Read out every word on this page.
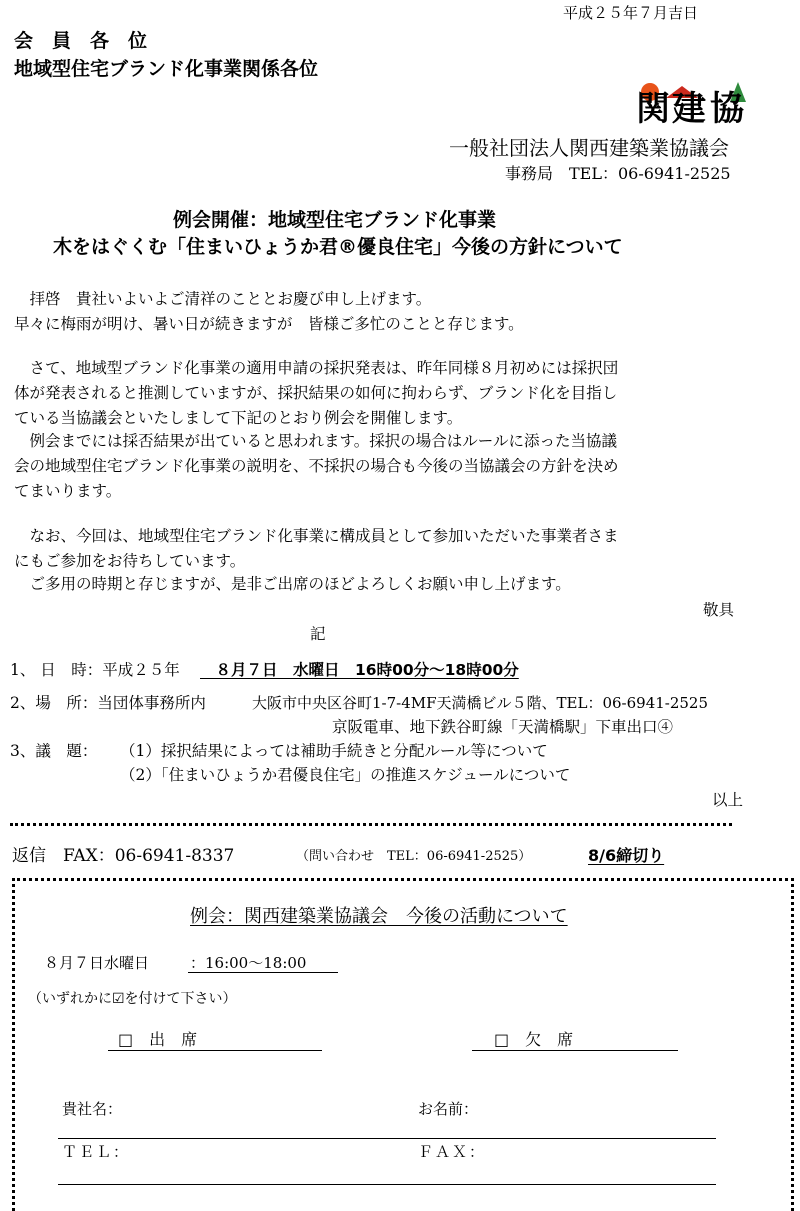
平成２５年７月吉日
会　員　各　位
地域型住宅ブランド化事業関係各位
関 建 協
一般社団法人関西建築業協議会
事務局　TEL：06-6941-2525
例会開催：地域型住宅ブランド化事業
木をはぐくむ「住まいひょうか君®優良住宅」今後の方針について
　拝啓　貴社いよいよご清祥のこととお慶び申し上げます。
早々に梅雨が明け、暑い日が続きますが　皆様ご多忙のことと存じます。
　さて、地域型ブランド化事業の適用申請の採択発表は、昨年同様８月初めには採択団
体が発表されると推測していますが、採択結果の如何に拘わらず、ブランド化を目指し
ている当協議会といたしまして下記のとおり例会を開催します。
　例会までには採否結果が出ていると思われます。採択の場合はルールに添った当協議
会の地域型住宅ブランド化事業の説明を、不採択の場合も今後の当協議会の方針を決め
てまいります。
　なお、今回は、地域型住宅ブランド化事業に構成員として参加いただいた事業者さま
にもご参加をお待ちしています。
　ご多用の時期と存じますが、是非ご出席のほどよろしくお願い申し上げます。
敬具
記
1、 日　時：平成２５年 　８月７日　水曜日　16時00分～18時00分
2、場　所：当団体事務所内	大阪市中央区谷町1-7-4MF天満橋ビル５階、TEL：06-6941-2525
京阪電車、地下鉄谷町線「天満橋駅」下車出口④
3、議　題： （1）採択結果によっては補助手続きと分配ルール等について
（2）「住まいひょうか君優良住宅」の推進スケジュールについて
以上
返信　FAX：06-6941-8337	（問い合わせ　TEL：06-6941-2525）	8/6締切り
例会：関西建築業協議会　今後の活動について
８月７日水曜日	：16:00～18:00
（いずれかに☑を付けて下さい）
□　出　席	□　欠　席
貴社名：	お名前：
ＴＥＬ：	ＦＡＸ：
